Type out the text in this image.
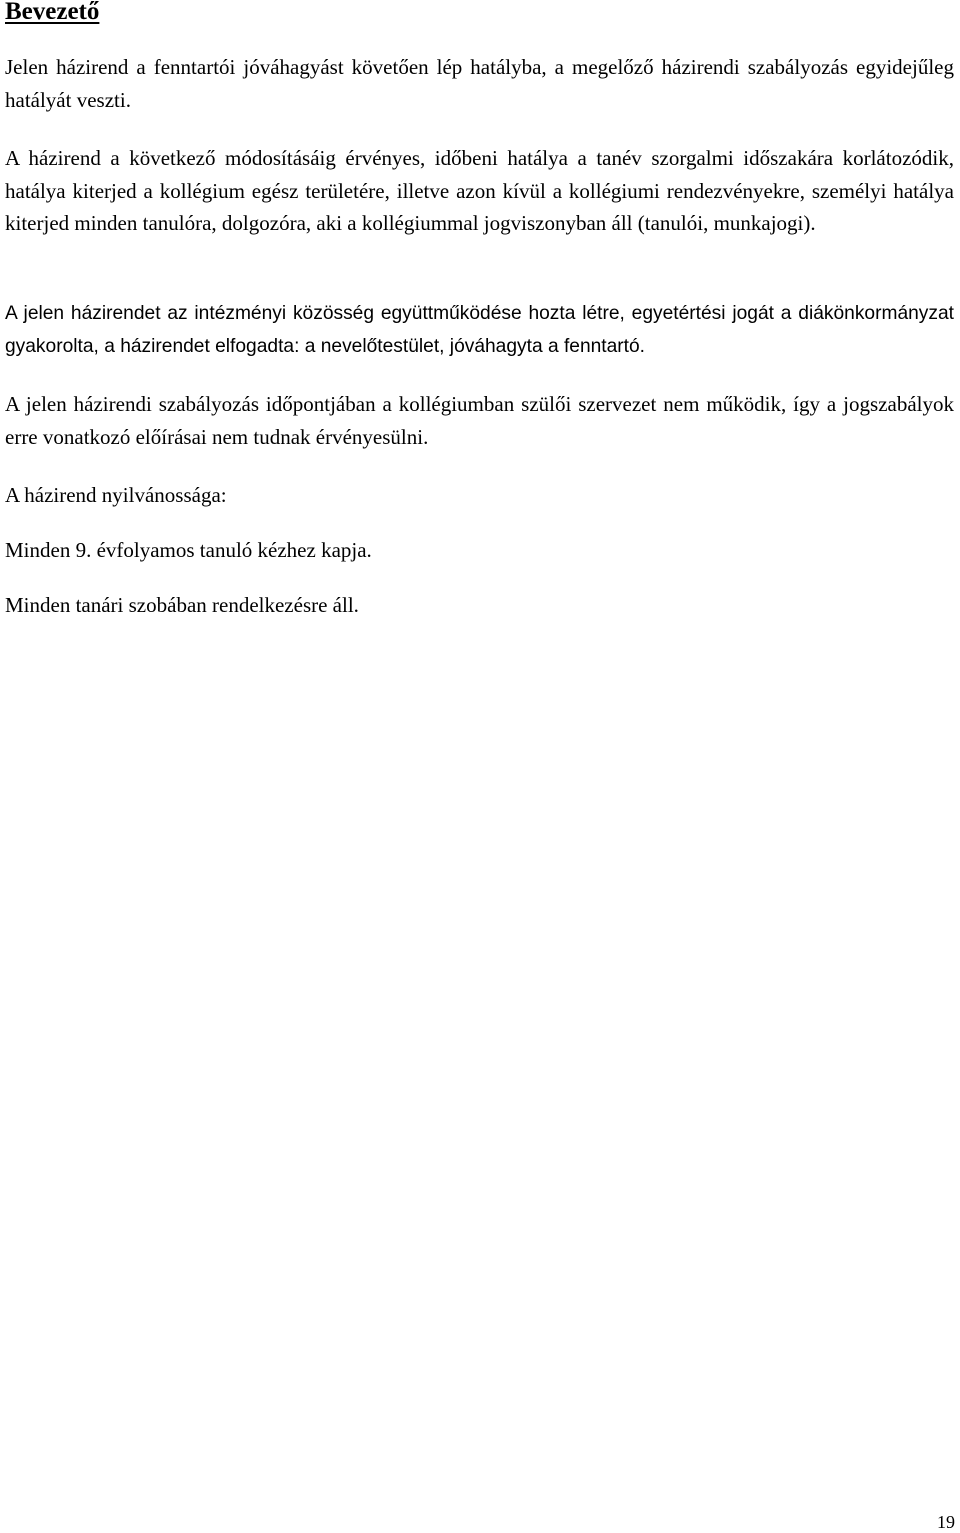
Bevezető

Jelen házirend a fenntartói jóváhagyást követően lép hatályba, a megelőző házirendi szabályozás egyidejűleg hatályát veszti.

A házirend a következő módosításáig érvényes, időbeni hatálya a tanév szorgalmi időszakára korlátozódik, hatálya kiterjed a kollégium egész területére, illetve azon kívül a kollégiumi rendezvényekre, személyi hatálya kiterjed minden tanulóra, dolgozóra, aki a kollégiummal jogviszonyban áll (tanulói, munkajogi).

A jelen házirendet az intézményi közösség együttműködése hozta létre, egyetértési jogát a diákönkormányzat gyakorolta, a házirendet elfogadta: a nevelőtestület, jóváhagyta a fenntartó.

A jelen házirendi szabályozás időpontjában a kollégiumban szülői szervezet nem működik, így a jogszabályok erre vonatkozó előírásai nem tudnak érvényesülni.

A házirend nyilvánossága:

Minden 9. évfolyamos tanuló kézhez kapja.

Minden tanári szobában rendelkezésre áll.

19
